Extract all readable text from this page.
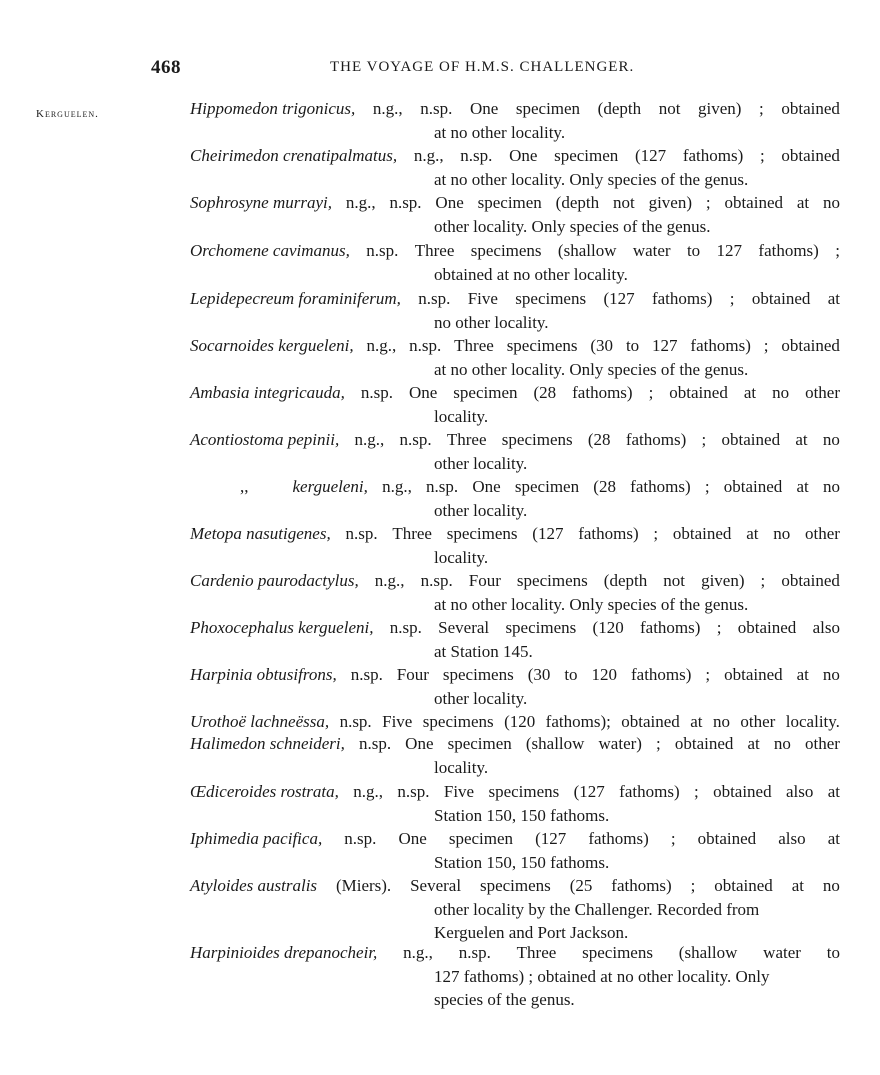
468	THE VOYAGE OF H.M.S. CHALLENGER.
Kerguelen.	Hippomedon trigonicus, n.g., n.sp. One specimen (depth not given) ; obtained
at no other locality.
Cheirimedon crenatipalmatus, n.g., n.sp. One specimen (127 fathoms) ; obtained
at no other locality. Only species of the genus.
Sophrosyne murrayi, n.g., n.sp. One specimen (depth not given) ; obtained at no
other locality. Only species of the genus.
Orchomene cavimanus, n.sp. Three specimens (shallow water to 127 fathoms) ;
obtained at no other locality.
Lepidepecreum foraminiferum, n.sp. Five specimens (127 fathoms) ; obtained at
no other locality.
Socarnoides kergueleni, n.g., n.sp. Three specimens (30 to 127 fathoms) ; obtained
at no other locality. Only species of the genus.
Ambasia integricauda, n.sp. One specimen (28 fathoms) ; obtained at no other
locality.
Acontiostoma pepinii, n.g., n.sp. Three specimens (28 fathoms) ; obtained at no
other locality.
,,	kergueleni, n.g., n.sp. One specimen (28 fathoms) ; obtained at no
other locality.
Metopa nasutigenes, n.sp. Three specimens (127 fathoms) ; obtained at no other
locality.
Cardenio paurodactylus, n.g., n.sp. Four specimens (depth not given) ; obtained
at no other locality. Only species of the genus.
Phoxocephalus kergueleni, n.sp. Several specimens (120 fathoms) ; obtained also
at Station 145.
Harpinia obtusifrons, n.sp. Four specimens (30 to 120 fathoms) ; obtained at no
other locality.
Urothoë lachneëssa, n.sp. Five specimens (120 fathoms); obtained at no other locality.
Halimedon schneideri, n.sp. One specimen (shallow water) ; obtained at no other
locality.
Œdiceroides rostrata, n.g., n.sp. Five specimens (127 fathoms) ; obtained also at
Station 150, 150 fathoms.
Iphimedia pacifica, n.sp. One specimen (127 fathoms) ; obtained also at
Station 150, 150 fathoms.
Atyloides australis (Miers). Several specimens (25 fathoms) ; obtained at no
other locality by the Challenger. Recorded from
Kerguelen and Port Jackson.
Harpinioides drepanocheir, n.g., n.sp. Three specimens (shallow water to
127 fathoms) ; obtained at no other locality. Only
species of the genus.
